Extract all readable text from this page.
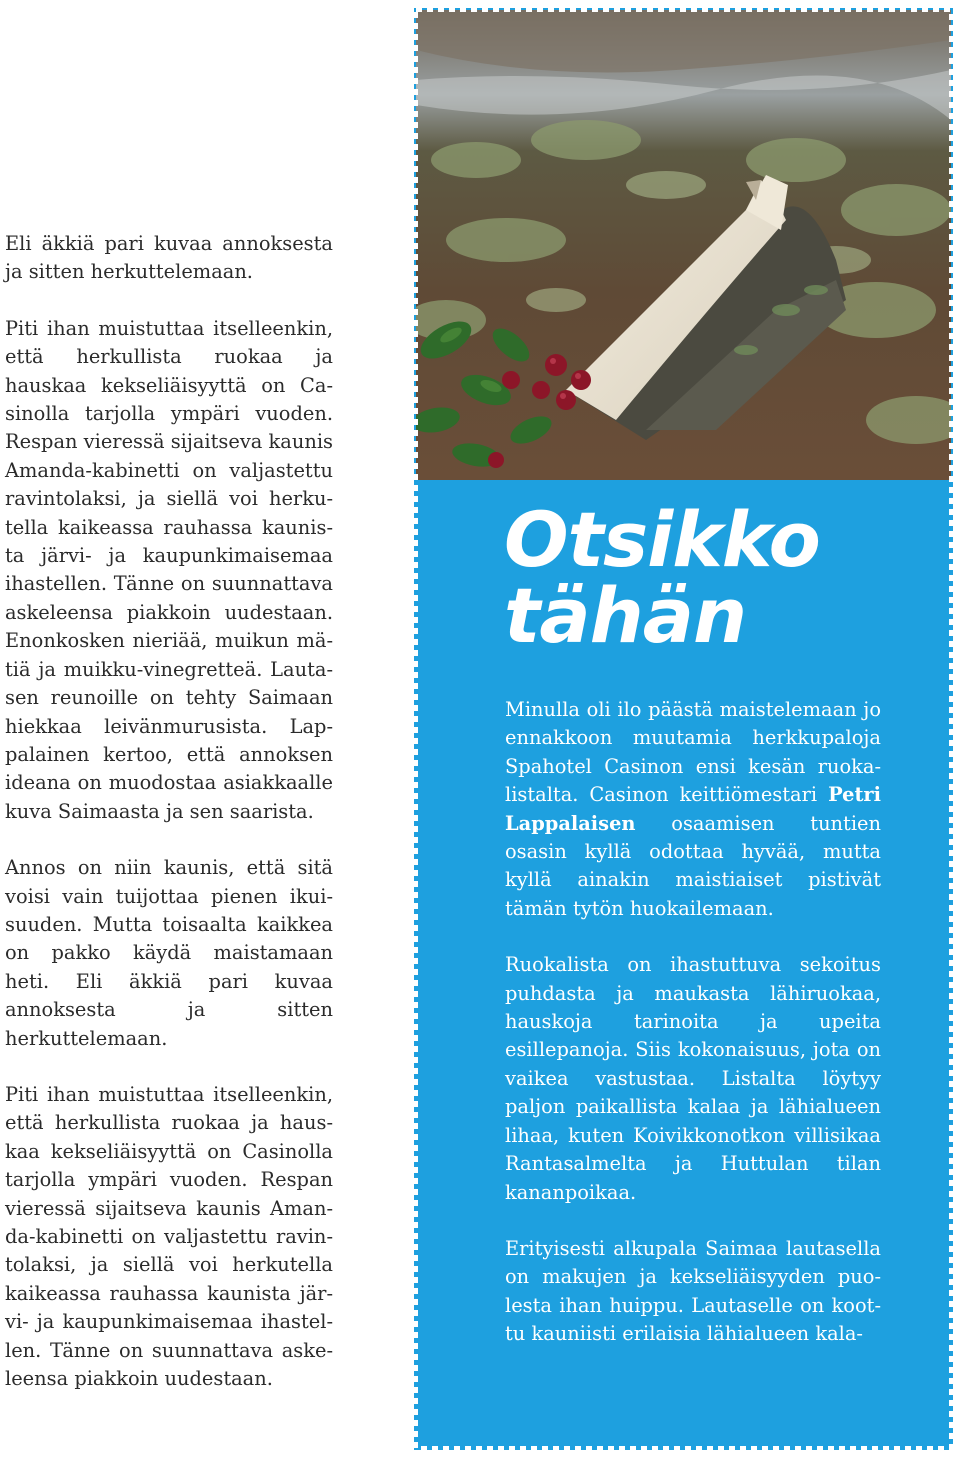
Eli äkkiä pari kuvaa annoksesta ja sitten herkuttelemaan.

Piti ihan muistuttaa itselleenkin, että herkullista ruokaa ja hauskaa kekseliäisyyttä on Casinolla tarjolla ympäri vuoden. Respan vieressä sijaitseva kaunis Amanda-kabinetti on valjastettu ravintolaksi, ja siellä voi herkutella kaikeassa rauhassa kaunista järvi- ja kaupunkimaisemaa ihastellen. Tänne on suunnattava askeleensa piakkoin uudestaan. Enonkosken nieriää, muikun mätiä ja muikku-vinegretteä. Lautasen reunoille on tehty Saimaan hiekkaa leivänmurusista. Lappalainen kertoo, että annoksen ideana on muodostaa asiakkaalle kuva Saimaasta ja sen saarista.

Annos on niin kaunis, että sitä voisi vain tuijottaa pienen ikuisuuden. Mutta toisaalta kaikkea on pakko käydä maistamaan heti. Eli äkkiä pari kuvaa annoksesta ja sitten herkuttelemaan.

Piti ihan muistuttaa itselleenkin, että herkullista ruokaa ja hauskaa kekseliäisyyttä on Casinolla tarjolla ympäri vuoden. Respan vieressä sijaitseva kaunis Amanda-kabinetti on valjastettu ravintolaksi, ja siellä voi herkutella kaikeassa rauhassa kaunista järvi- ja kaupunkimaisemaa ihastellen. Tänne on suunnattava askeleensa piakkoin uudestaan.

Otsikko
tähän

Minulla oli ilo päästä maistelemaan jo ennakkoon muutamia herkkupaloja Spahotel Casinon ensi kesän ruokalistalta. Casinon keittiömestari Petri Lappalaisen osaamisen tuntien osasin kyllä odottaa hyvää, mutta kyllä ainakin maistiaiset pistivät tämän tytön huokailemaan.

Ruokalista on ihastuttuva sekoitus puhdasta ja maukasta lähiruokaa, hauskoja tarinoita ja upeita esillepanoja. Siis kokonaisuus, jota on vaikea vastustaa. Listalta löytyy paljon paikallista kalaa ja lähialueen lihaa, kuten Koivikkonotkon villisikaa Rantasalmelta ja Huttulan tilan kananpoikaa.

Erityisesti alkupala Saimaa lautasella on makujen ja kekseliäisyyden puolesta ihan huippu. Lautaselle on koottu kauniisti erilaisia lähialueen kala-
